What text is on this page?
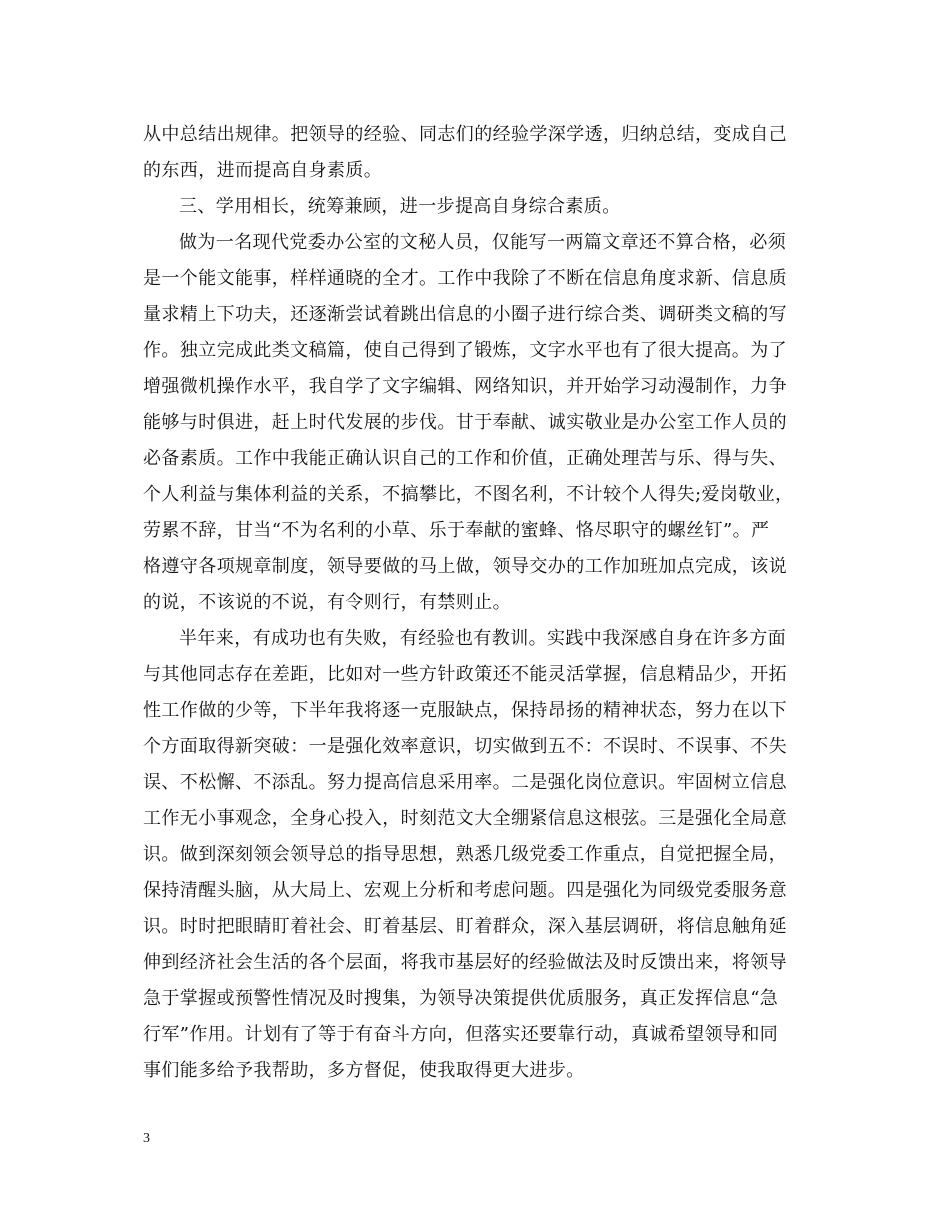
从中总结出规律。把领导的经验、同志们的经验学深学透，归纳总结，变成自己
的东西，进而提高自身素质。
三、学用相长，统筹兼顾，进一步提高自身综合素质。
做为一名现代党委办公室的文秘人员，仅能写一两篇文章还不算合格，必须
是一个能文能事，样样通晓的全才。工作中我除了不断在信息角度求新、信息质
量求精上下功夫，还逐渐尝试着跳出信息的小圈子进行综合类、调研类文稿的写
作。独立完成此类文稿篇，使自己得到了锻炼，文字水平也有了很大提高。为了
增强微机操作水平，我自学了文字编辑、网络知识，并开始学习动漫制作，力争
能够与时俱进，赶上时代发展的步伐。甘于奉献、诚实敬业是办公室工作人员的
必备素质。工作中我能正确认识自己的工作和价值，正确处理苦与乐、得与失、
个人利益与集体利益的关系，不搞攀比，不图名利，不计较个人得失;爱岗敬业，
劳累不辞，甘当“不为名利的小草、乐于奉献的蜜蜂、恪尽职守的螺丝钉”。严
格遵守各项规章制度，领导要做的马上做，领导交办的工作加班加点完成，该说
的说，不该说的不说，有令则行，有禁则止。
半年来，有成功也有失败，有经验也有教训。实践中我深感自身在许多方面
与其他同志存在差距，比如对一些方针政策还不能灵活掌握，信息精品少，开拓
性工作做的少等，下半年我将逐一克服缺点，保持昂扬的精神状态，努力在以下
个方面取得新突破：一是强化效率意识，切实做到五不：不误时、不误事、不失
误、不松懈、不添乱。努力提高信息采用率。二是强化岗位意识。牢固树立信息
工作无小事观念，全身心投入，时刻范文大全绷紧信息这根弦。三是强化全局意
识。做到深刻领会领导总的指导思想，熟悉几级党委工作重点，自觉把握全局，
保持清醒头脑，从大局上、宏观上分析和考虑问题。四是强化为同级党委服务意
识。时时把眼睛盯着社会、盯着基层、盯着群众，深入基层调研，将信息触角延
伸到经济社会生活的各个层面，将我市基层好的经验做法及时反馈出来，将领导
急于掌握或预警性情况及时搜集，为领导决策提供优质服务，真正发挥信息“急
行军”作用。计划有了等于有奋斗方向，但落实还要靠行动，真诚希望领导和同
事们能多给予我帮助，多方督促，使我取得更大进步。
3
